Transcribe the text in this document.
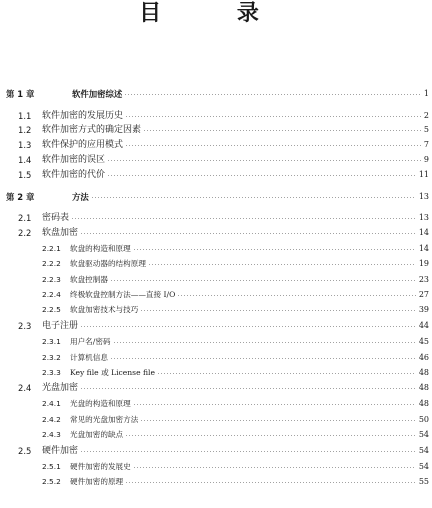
目 录
第 1 章	软件加密综述	1
1.1 软件加密的发展历史	2
1.2 软件加密方式的确定因素	5
1.3 软件保护的应用模式	7
1.4 软件加密的误区	9
1.5 软件加密的代价	11
第 2 章	方法	13
2.1 密码表	13
2.2 软盘加密	14
2.2.1 软盘的构造和原理	14
2.2.2 软盘驱动器的结构原理	19
2.2.3 软盘控制器	23
2.2.4 终极软盘控制方法——直接 I/O	27
2.2.5 软盘加密技术与技巧	39
2.3 电子注册	44
2.3.1 用户名/密码	45
2.3.2 计算机信息	46
2.3.3 Key file 或 License file	48
2.4 光盘加密	48
2.4.1 光盘的构造和原理	48
2.4.2 常见的光盘加密方法	50
2.4.3 光盘加密的缺点	54
2.5 硬件加密	54
2.5.1 硬件加密的发展史	54
2.5.2 硬件加密的原理	55
